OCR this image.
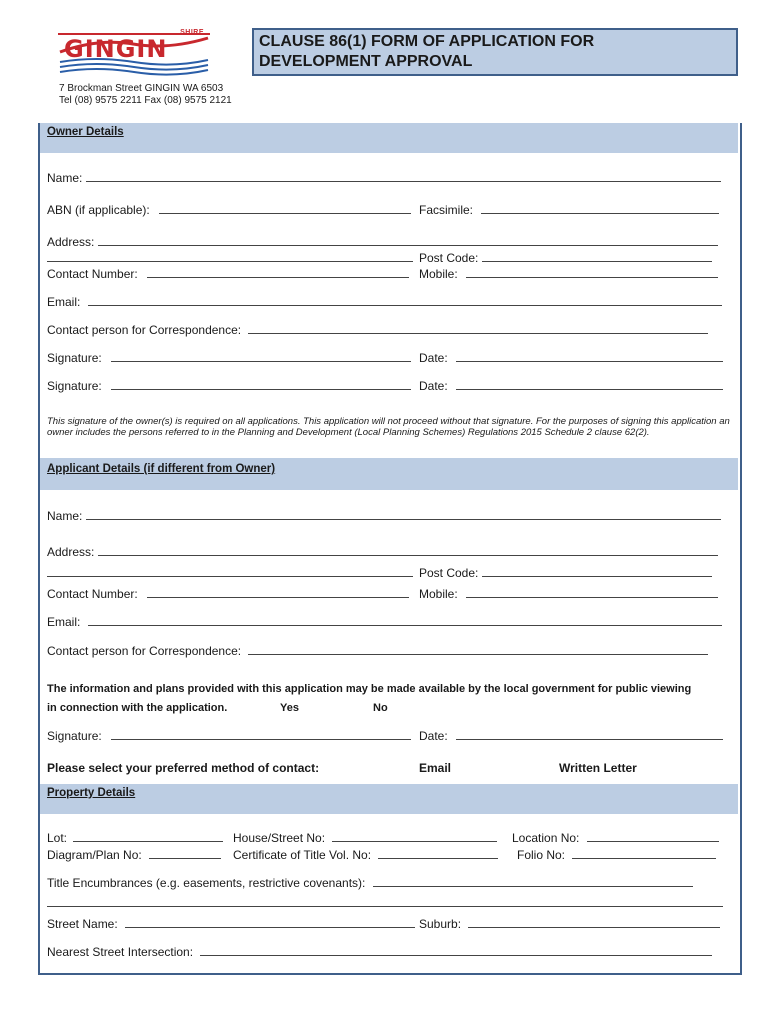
SHIRE
GINGIN
7 Brockman Street GINGIN WA 6503
Tel (08) 9575 2211 Fax (08) 9575 2121
CLAUSE 86(1) FORM OF APPLICATION FOR
DEVELOPMENT APPROVAL
Owner Details
Name:
ABN (if applicable):	Facsimile:
Address:
Post Code:
Contact Number:	Mobile:
Email:
Contact person for Correspondence:
Signature:	Date:
Signature:	Date:
This signature of the owner(s) is required on all applications. This application will not proceed without that signature. For the purposes of signing this application an owner includes the persons referred to in the Planning and Development (Local Planning Schemes) Regulations 2015 Schedule 2 clause 62(2).
Applicant Details (if different from Owner)
Name:
Address:
Post Code:
Contact Number:	Mobile:
Email:
Contact person for Correspondence:
The information and plans provided with this application may be made available by the local government for public viewing
in connection with the application.	Yes	No
Signature:	Date:
Please select your preferred method of contact:	Email	Written Letter
Property Details
Lot:	House/Street No:	Location No:
Diagram/Plan No:	Certificate of Title Vol. No:	Folio No:
Title Encumbrances (e.g. easements, restrictive covenants):
Street Name:	Suburb:
Nearest Street Intersection:
